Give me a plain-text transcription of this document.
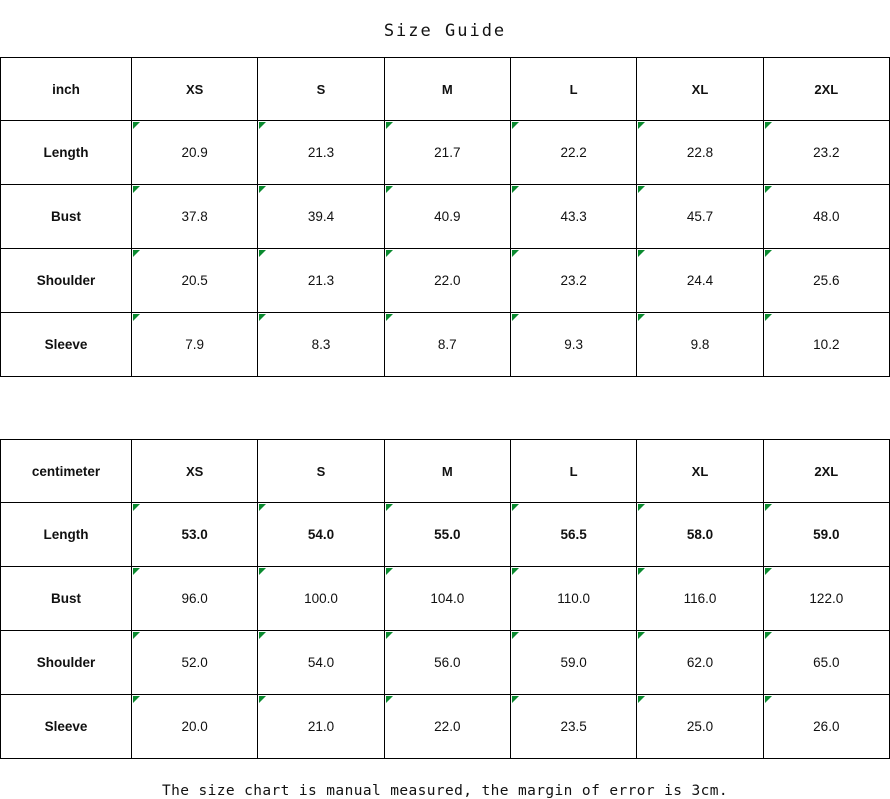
Size Guide
inch	XS	S	M	L	XL	2XL
Length	20.9	21.3	21.7	22.2	22.8	23.2
Bust	37.8	39.4	40.9	43.3	45.7	48.0
Shoulder	20.5	21.3	22.0	23.2	24.4	25.6
Sleeve	7.9	8.3	8.7	9.3	9.8	10.2
centimeter	XS	S	M	L	XL	2XL
Length	53.0	54.0	55.0	56.5	58.0	59.0
Bust	96.0	100.0	104.0	110.0	116.0	122.0
Shoulder	52.0	54.0	56.0	59.0	62.0	65.0
Sleeve	20.0	21.0	22.0	23.5	25.0	26.0
The size chart is manual measured, the margin of error is 3cm.
